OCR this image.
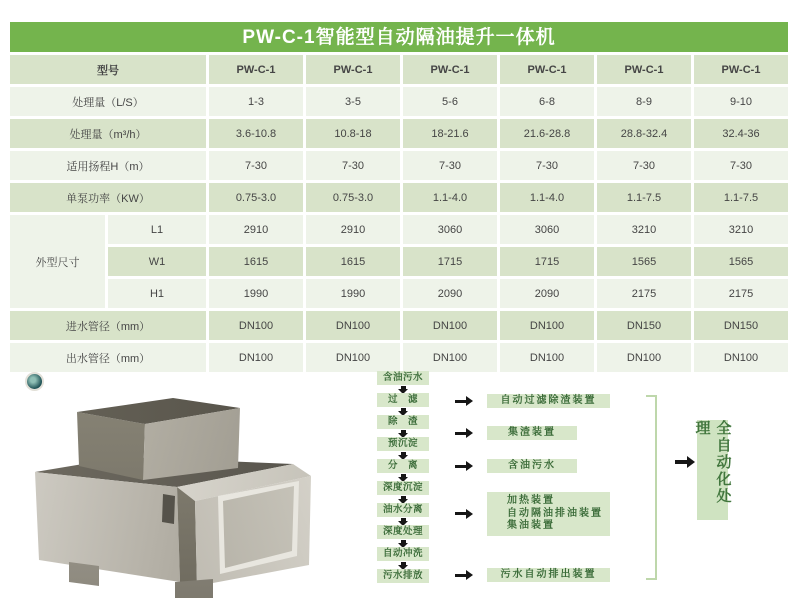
PW-C-1智能型自动隔油提升一体机
型号		PW-C-1	PW-C-1	PW-C-1	PW-C-1	PW-C-1	PW-C-1
处理量（L/S）		1-3	3-5	5-6	6-8	8-9	9-10
处理量（m³/h）		3.6-10.8	10.8-18	18-21.6	21.6-28.8	28.8-32.4	32.4-36
适用扬程H（m）		7-30	7-30	7-30	7-30	7-30	7-30
单泵功率（KW）		0.75-3.0	0.75-3.0	1.1-4.0	1.1-4.0	1.1-7.5	1.1-7.5
外型尺寸	L1	2910	2910	3060	3060	3210	3210
	W1	1615	1615	1715	1715	1565	1565
	H1	1990	1990	2090	2090	2175	2175
进水管径（mm）		DN100	DN100	DN100	DN100	DN150	DN150
出水管径（mm）		DN100	DN100	DN100	DN100	DN100	DN100
含油污水
过　滤
除　渣
预沉淀
分　离
深度沉淀
油水分离
深度处理
自动冲洗
污水排放
自动过滤除渣装置
集渣装置
含油污水
加热装置
自动隔油排油装置
集油装置
污水自动排出装置
全自动化处理
